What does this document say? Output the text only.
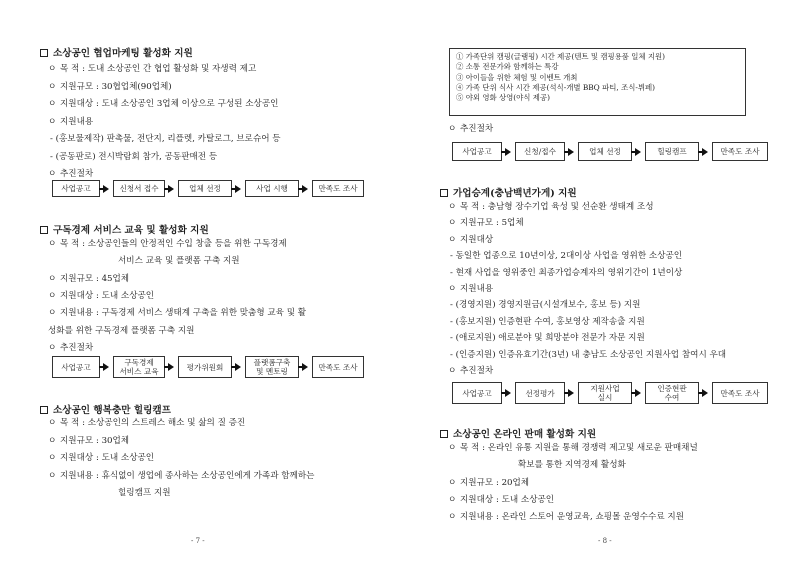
소상공인 협업마케팅 활성화 지원
ㅇ 목 적 : 도내 소상공인 간 협업 활성화 및 자생력 제고
ㅇ 지원규모 : 30협업체(90업체)
ㅇ 지원대상 : 도내 소상공인 3업체 이상으로 구성된 소상공인
ㅇ 지원내용
- (홍보물제작) 판촉물, 전단지, 리플렛, 카탈로그, 브로슈어 등
- (공동판로) 전시박람회 참가, 공동판매전 등
ㅇ 추진절차
사업공고	신청서 접수	업체 선정	사업 시행	만족도 조사
구독경제 서비스 교육 및 활성화 지원
ㅇ 목 적 : 소상공인들의 안정적인 수입 창출 등을 위한 구독경제
서비스 교육 및 플랫폼 구축 지원
ㅇ 지원규모 : 45업체
ㅇ 지원대상 : 도내 소상공인
ㅇ 지원내용 : 구독경제 서비스 생태계 구축을 위한 맞춤형 교육 및 활
성화를 위한 구독경제 플랫폼 구축 지원
ㅇ 추진절차
사업공고	구독경제
서비스 교육	평가위원회	플랫폼구축
및 멘토링	만족도 조사
소상공인 행복충만 힐링캠프
ㅇ 목 적 : 소상공인의 스트레스 해소 및 삶의 질 증진
ㅇ 지원규모 : 30업체
ㅇ 지원대상 : 도내 소상공인
ㅇ 지원내용 : 휴식없이 생업에 종사하는 소상공인에게 가족과 함께하는
힐링캠프 지원
- 7 -
① 가족단위 캠핑(글램핑) 시간 제공(텐트 및 캠핑용품 일체 지원)
② 소통 전문가와 함께하는 특강
③ 아이들을 위한 체험 및 이벤트 개최
④ 가족 단위 식사 시간 제공(석식-개별 BBQ 파티, 조식-뷔페)
⑤ 야외 영화 상영(야식 제공)
ㅇ 추진절차
사업공고	신청/접수	업체 선정	힐링캠프	만족도 조사
가업승계(충남백년가게) 지원
ㅇ 목 적 : 충남형 장수기업 육성 및 선순환 생태계 조성
ㅇ 지원규모 : 5업체
ㅇ 지원대상
- 동일한 업종으로 10년이상, 2대이상 사업을 영위한 소상공인
- 현재 사업을 영위중인 최종가업승계자의 영위기간이 1년이상
ㅇ 지원내용
- (경영지원) 경영지원금(시설개보수, 홍보 등) 지원
- (홍보지원) 인증현판 수여, 홍보영상 제작송출 지원
- (애로지원) 애로분야 및 희망분야 전문가 자문 지원
- (인증지원) 인증유효기간(3년) 내 충남도 소상공인 지원사업 참여시 우대
ㅇ 추진절차
사업공고	선정평가	지원사업
실시
인증현판
수여	만족도 조사
소상공인 온라인 판매 활성화 지원
ㅇ 목 적 : 온라인 유통 지원을 통해 경쟁력 제고및 새로운 판매채널
확보를 통한 지역경제 활성화
ㅇ 지원규모 : 20업체
ㅇ 지원대상 : 도내 소상공인
ㅇ 지원내용 : 온라인 스토어 운영교육, 쇼핑몰 운영수수료 지원
- 8 -
